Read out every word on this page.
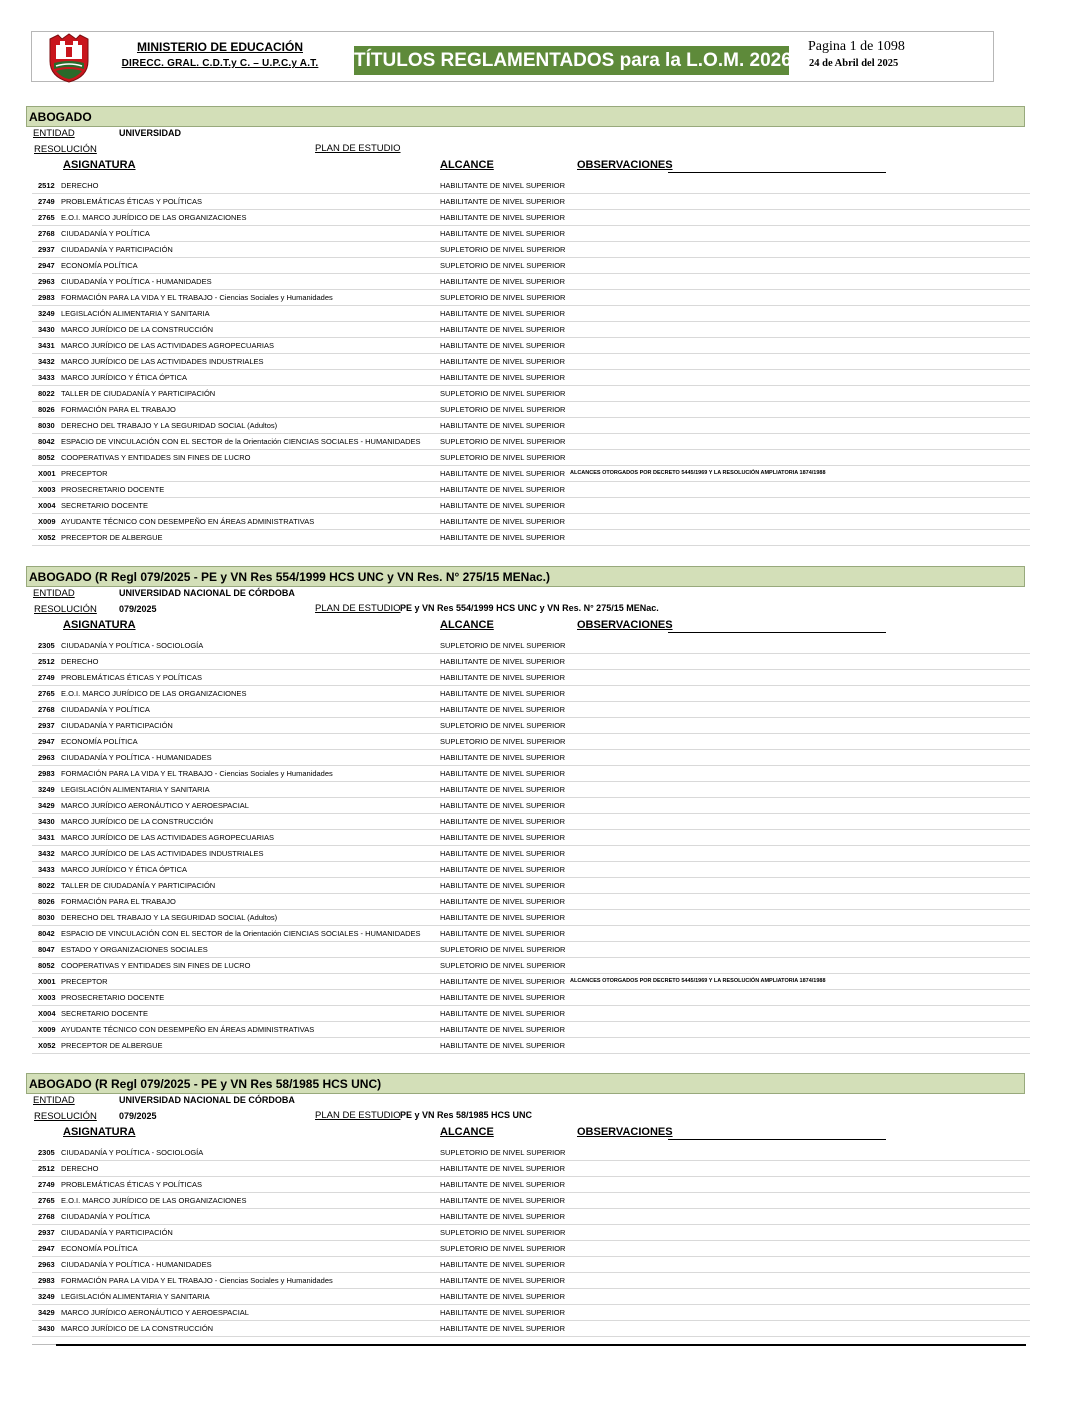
MINISTERIO DE EDUCACIÓN
DIRECC. GRAL. C.D.T.y C. – U.P.C.y A.T. TÍTULOS REGLAMENTADOS para la L.O.M. 2026
Pagina 1 de 1098
24 de Abril del 2025
ABOGADO
ENTIDAD	UNIVERSIDAD
RESOLUCIÓN	PLAN DE ESTUDIO
ASIGNATURA	ALCANCE	OBSERVACIONES
2512 DERECHO	HABILITANTE DE NIVEL SUPERIOR
2749 PROBLEMÁTICAS ÉTICAS Y POLÍTICAS	HABILITANTE DE NIVEL SUPERIOR
2765 E.O.I. MARCO JURÍDICO DE LAS ORGANIZACIONES	HABILITANTE DE NIVEL SUPERIOR
2768 CIUDADANÍA Y POLÍTICA	HABILITANTE DE NIVEL SUPERIOR
2937 CIUDADANÍA Y PARTICIPACIÓN	SUPLETORIO DE NIVEL SUPERIOR
2947 ECONOMÍA POLÍTICA	SUPLETORIO DE NIVEL SUPERIOR
2963 CIUDADANÍA Y POLÍTICA - HUMANIDADES	HABILITANTE DE NIVEL SUPERIOR
2983 FORMACIÓN PARA LA VIDA Y EL TRABAJO - Ciencias Sociales y Humanidades	SUPLETORIO DE NIVEL SUPERIOR
3249 LEGISLACIÓN ALIMENTARIA Y SANITARIA	HABILITANTE DE NIVEL SUPERIOR
3430 MARCO JURÍDICO DE LA CONSTRUCCIÓN	HABILITANTE DE NIVEL SUPERIOR
3431 MARCO JURÍDICO DE LAS ACTIVIDADES AGROPECUARIAS	HABILITANTE DE NIVEL SUPERIOR
3432 MARCO JURÍDICO DE LAS ACTIVIDADES INDUSTRIALES	HABILITANTE DE NIVEL SUPERIOR
3433 MARCO JURÍDICO Y ÉTICA ÓPTICA	HABILITANTE DE NIVEL SUPERIOR
8022 TALLER DE CIUDADANÍA Y PARTICIPACIÓN	SUPLETORIO DE NIVEL SUPERIOR
8026 FORMACIÓN PARA EL TRABAJO	SUPLETORIO DE NIVEL SUPERIOR
8030 DERECHO DEL TRABAJO Y LA SEGURIDAD SOCIAL (Adultos)	HABILITANTE DE NIVEL SUPERIOR
8042 ESPACIO DE VINCULACIÓN CON EL SECTOR de la Orientación CIENCIAS SOCIALES - HUMANIDADES	SUPLETORIO DE NIVEL SUPERIOR
8052 COOPERATIVAS Y ENTIDADES SIN FINES DE LUCRO	SUPLETORIO DE NIVEL SUPERIOR
X001 PRECEPTOR	HABILITANTE DE NIVEL SUPERIOR ALCANCES OTORGADOS POR DECRETO 5445/1969 Y LA RESOLUCIÓN AMPLIATORIA 1874/1988
X003 PROSECRETARIO DOCENTE	HABILITANTE DE NIVEL SUPERIOR
X004 SECRETARIO DOCENTE	HABILITANTE DE NIVEL SUPERIOR
X009 AYUDANTE TÉCNICO CON DESEMPEÑO EN ÁREAS ADMINISTRATIVAS	HABILITANTE DE NIVEL SUPERIOR
X052 PRECEPTOR DE ALBERGUE	HABILITANTE DE NIVEL SUPERIOR
ABOGADO (R Regl 079/2025 - PE y VN Res 554/1999 HCS UNC y VN Res. N° 275/15 MENac.)
ENTIDAD	UNIVERSIDAD NACIONAL DE CÓRDOBA
RESOLUCIÓN 079/2025	PLAN DE ESTUDIO PE y VN Res 554/1999 HCS UNC y VN Res. N° 275/15 MENac.
ASIGNATURA	ALCANCE	OBSERVACIONES
2305 CIUDADANÍA Y POLÍTICA - SOCIOLOGÍA	SUPLETORIO DE NIVEL SUPERIOR
2512 DERECHO	HABILITANTE DE NIVEL SUPERIOR
2749 PROBLEMÁTICAS ÉTICAS Y POLÍTICAS	HABILITANTE DE NIVEL SUPERIOR
2765 E.O.I. MARCO JURÍDICO DE LAS ORGANIZACIONES	HABILITANTE DE NIVEL SUPERIOR
2768 CIUDADANÍA Y POLÍTICA	HABILITANTE DE NIVEL SUPERIOR
2937 CIUDADANÍA Y PARTICIPACIÓN	SUPLETORIO DE NIVEL SUPERIOR
2947 ECONOMÍA POLÍTICA	SUPLETORIO DE NIVEL SUPERIOR
2963 CIUDADANÍA Y POLÍTICA - HUMANIDADES	HABILITANTE DE NIVEL SUPERIOR
2983 FORMACIÓN PARA LA VIDA Y EL TRABAJO - Ciencias Sociales y Humanidades	HABILITANTE DE NIVEL SUPERIOR
3249 LEGISLACIÓN ALIMENTARIA Y SANITARIA	HABILITANTE DE NIVEL SUPERIOR
3429 MARCO JURÍDICO AERONÁUTICO Y AEROESPACIAL	HABILITANTE DE NIVEL SUPERIOR
3430 MARCO JURÍDICO DE LA CONSTRUCCIÓN	HABILITANTE DE NIVEL SUPERIOR
3431 MARCO JURÍDICO DE LAS ACTIVIDADES AGROPECUARIAS	HABILITANTE DE NIVEL SUPERIOR
3432 MARCO JURÍDICO DE LAS ACTIVIDADES INDUSTRIALES	HABILITANTE DE NIVEL SUPERIOR
3433 MARCO JURÍDICO Y ÉTICA ÓPTICA	HABILITANTE DE NIVEL SUPERIOR
8022 TALLER DE CIUDADANÍA Y PARTICIPACIÓN	HABILITANTE DE NIVEL SUPERIOR
8026 FORMACIÓN PARA EL TRABAJO	HABILITANTE DE NIVEL SUPERIOR
8030 DERECHO DEL TRABAJO Y LA SEGURIDAD SOCIAL (Adultos)	HABILITANTE DE NIVEL SUPERIOR
8042 ESPACIO DE VINCULACIÓN CON EL SECTOR de la Orientación CIENCIAS SOCIALES - HUMANIDADES	HABILITANTE DE NIVEL SUPERIOR
8047 ESTADO Y ORGANIZACIONES SOCIALES	SUPLETORIO DE NIVEL SUPERIOR
8052 COOPERATIVAS Y ENTIDADES SIN FINES DE LUCRO	SUPLETORIO DE NIVEL SUPERIOR
X001 PRECEPTOR	HABILITANTE DE NIVEL SUPERIOR ALCANCES OTORGADOS POR DECRETO 5445/1969 Y LA RESOLUCIÓN AMPLIATORIA 1874/1988
X003 PROSECRETARIO DOCENTE	HABILITANTE DE NIVEL SUPERIOR
X004 SECRETARIO DOCENTE	HABILITANTE DE NIVEL SUPERIOR
X009 AYUDANTE TÉCNICO CON DESEMPEÑO EN ÁREAS ADMINISTRATIVAS	HABILITANTE DE NIVEL SUPERIOR
X052 PRECEPTOR DE ALBERGUE	HABILITANTE DE NIVEL SUPERIOR
ABOGADO (R Regl 079/2025 - PE y VN Res 58/1985 HCS UNC)
ENTIDAD	UNIVERSIDAD NACIONAL DE CÓRDOBA
RESOLUCIÓN 079/2025	PLAN DE ESTUDIO PE y VN Res 58/1985 HCS UNC
ASIGNATURA	ALCANCE	OBSERVACIONES
2305 CIUDADANÍA Y POLÍTICA - SOCIOLOGÍA	SUPLETORIO DE NIVEL SUPERIOR
2512 DERECHO	HABILITANTE DE NIVEL SUPERIOR
2749 PROBLEMÁTICAS ÉTICAS Y POLÍTICAS	HABILITANTE DE NIVEL SUPERIOR
2765 E.O.I. MARCO JURÍDICO DE LAS ORGANIZACIONES	HABILITANTE DE NIVEL SUPERIOR
2768 CIUDADANÍA Y POLÍTICA	HABILITANTE DE NIVEL SUPERIOR
2937 CIUDADANÍA Y PARTICIPACIÓN	SUPLETORIO DE NIVEL SUPERIOR
2947 ECONOMÍA POLÍTICA	SUPLETORIO DE NIVEL SUPERIOR
2963 CIUDADANÍA Y POLÍTICA - HUMANIDADES	HABILITANTE DE NIVEL SUPERIOR
2983 FORMACIÓN PARA LA VIDA Y EL TRABAJO - Ciencias Sociales y Humanidades	HABILITANTE DE NIVEL SUPERIOR
3249 LEGISLACIÓN ALIMENTARIA Y SANITARIA	HABILITANTE DE NIVEL SUPERIOR
3429 MARCO JURÍDICO AERONÁUTICO Y AEROESPACIAL	HABILITANTE DE NIVEL SUPERIOR
3430 MARCO JURÍDICO DE LA CONSTRUCCIÓN	HABILITANTE DE NIVEL SUPERIOR
